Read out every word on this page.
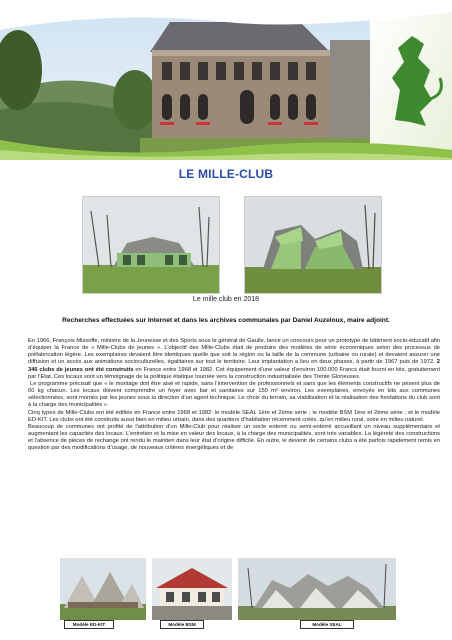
LE MILLE-CLUB
Le mille club en 2018
Recherches effectuées sur Internet et dans les archives communales par Daniel Auzeloux, maire adjoint.

En 1966, François Missoffe, ministre de la Jeunesse et des Sports sous le général de Gaulle, lance un concours pour un prototype de bâtiment socio-éducatif afin d’équiper la France de « Mille-Clubs de jeunes ». L’objectif des Mille-Clubs était de produire des modèles de série économiques selon des processus de préfabrication légère. Les exemplaires devaient être identiques quelle que soit la région ou la taille de la commune (urbaine ou rurale) et devaient assurer une diffusion et un accès aux animations socioculturelles, égalitaires sur tout le territoire. Leur implantation a lieu en deux phases, à partir de 1967 puis de 1972. 2 346 clubs de jeunes ont été construits en France entre 1968 et 1982. Cet équipement d’une valeur d’environ 100.000 Francs était fourni en kits, gratuitement par l’Etat. Ces locaux sont un témoignage de la politique étatique tournée vers la construction industrialisée des Trente Glorieuses.

Le programme précisait que « le montage doit être aisé et rapide, sans l’intervention de professionnels et sans que les éléments constructifs ne pèsent plus de 60 kg chacun. Les locaux doivent comprendre un foyer avec bar et sanitaires sur 150 m² environ. Les exemplaires, envoyés en kits aux communes sélectionnées, sont montés par les jeunes sous la direction d’un agent technique. Le choix du terrain, sa viabilisation et la réalisation des fondations du club sont à la charge des municipalités ».

Cinq types de Mille-Clubs ont été édifiés en France entre 1968 et 1982: le modèle SEAL 1ère et 2ème série ; le modèle BSM 1ère et 2ème série ; et le modèle ED-KIT. Les clubs ont été construits aussi bien en milieu urbain, dans des quartiers d’habitation récemment créés, qu’en milieu rural, voire en milieu naturel.

Beaucoup de communes ont profité de l’attribution d’un Mille-Club pour réaliser un socle enterré ou semi-enterré accueillant un niveau supplémentaire et augmentant les capacités des locaux. L’entretien et la mise en valeur des locaux, à la charge des municipalités, sont très variables. La légèreté des constructions et l’absence de pièces de rechange ont rendu le maintien dans leur état d’origine difficile. En outre, le devenir de certains clubs a été parfois rapidement remis en question par des modifications d’usage, de nouveaux critères énergétiques et de

Modèle ED-KIT	Modèle BSM	Modèle SEAL
